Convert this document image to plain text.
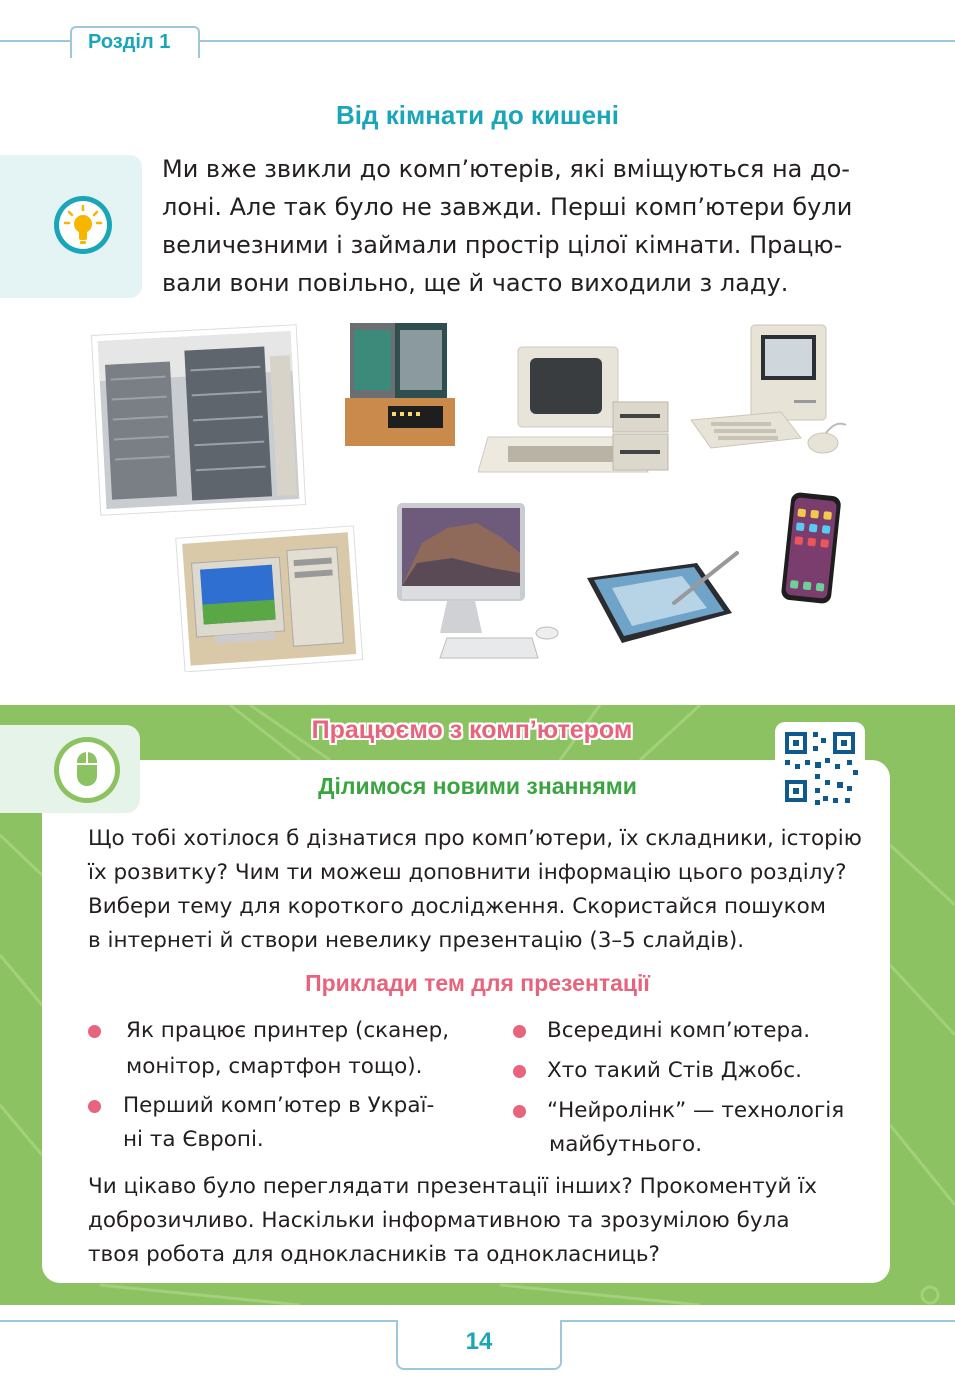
Розділ 1
Від кімнати до кишені
Ми вже звикли до комп’ютерів, які вміщуються на до-
лоні. Але так було не завжди. Перші комп’ютери були
величезними і займали простір цілої кімнати. Працю-
вали вони повільно, ще й часто виходили з ладу.
Працюємо з комп’ютером
Ділимося новими знаннями
Що тобі хотілося б дізнатися про комп’ютери, їх складники, історію
їх розвитку? Чим ти можеш доповнити інформацію цього розділу?
Вибери тему для короткого дослідження. Скористайся пошуком
в інтернеті й створи невелику презентацію (3–5 слайдів).
Приклади тем для презентації
Як працює принтер (сканер,
монітор, смартфон тощо).
Перший комп’ютер в Украї-
ні та Європі.
Всередині комп’ютера.
Хто такий Стів Джобс.
“Нейролінк” — технологія
майбутнього.
Чи цікаво було переглядати презентації інших? Прокоментуй їх
доброзичливо. Наскільки інформативною та зрозумілою була
твоя робота для однокласників та однокласниць?
14
